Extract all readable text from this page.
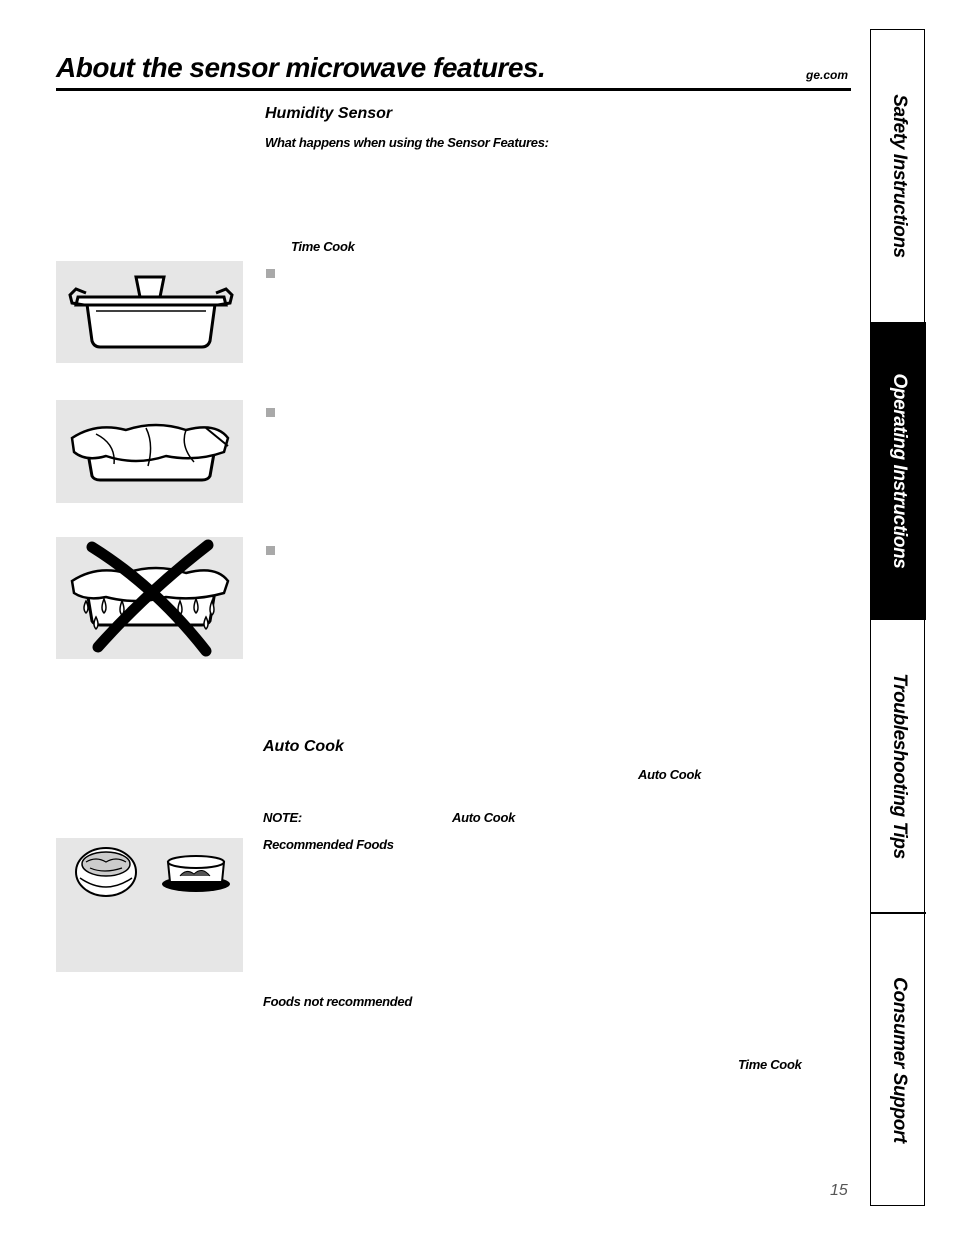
About the sensor microwave features.	ge.com
Humidity Sensor
What happens when using the Sensor Features:
Time Cook
Auto Cook
Auto Cook
NOTE:	Auto Cook
Recommended Foods
Foods not recommended
Time Cook
Safety Instructions
Operating Instructions
Troubleshooting Tips
Consumer Support
15
